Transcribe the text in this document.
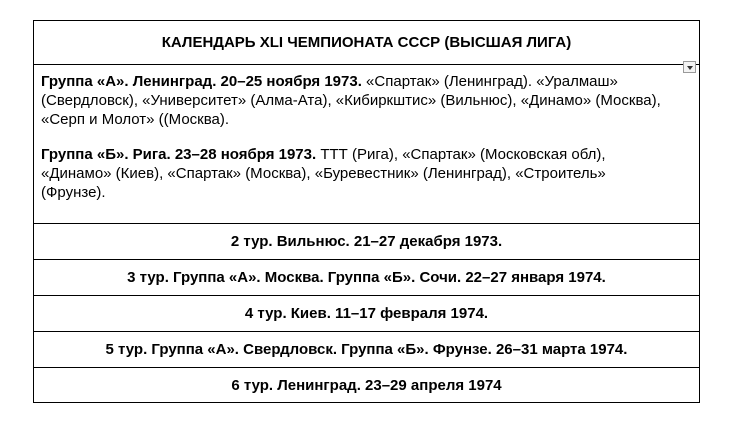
КАЛЕНДАРЬ XLI ЧЕМПИОНАТА СССР (ВЫСШАЯ ЛИГА)

Группа «А». Ленинград. 20–25 ноября 1973. «Спартак» (Ленинград). «Уралмаш» (Свердловск), «Университет» (Алма-Ата), «Кибиркштис» (Вильнюс), «Динамо» (Москва), «Серп и Молот» ((Москва).

Группа «Б». Рига. 23–28 ноября 1973. ТТТ (Рига), «Спартак» (Московская обл), «Динамо» (Киев), «Спартак» (Москва), «Буревестник» (Ленинград), «Строитель» (Фрунзе).

2 тур. Вильнюс. 21–27 декабря 1973.
3 тур. Группа «А». Москва. Группа «Б». Сочи. 22–27 января 1974.
4 тур. Киев. 11–17 февраля 1974.
5 тур. Группа «А». Свердловск. Группа «Б». Фрунзе. 26–31 марта 1974.
6 тур. Ленинград. 23–29 апреля 1974
